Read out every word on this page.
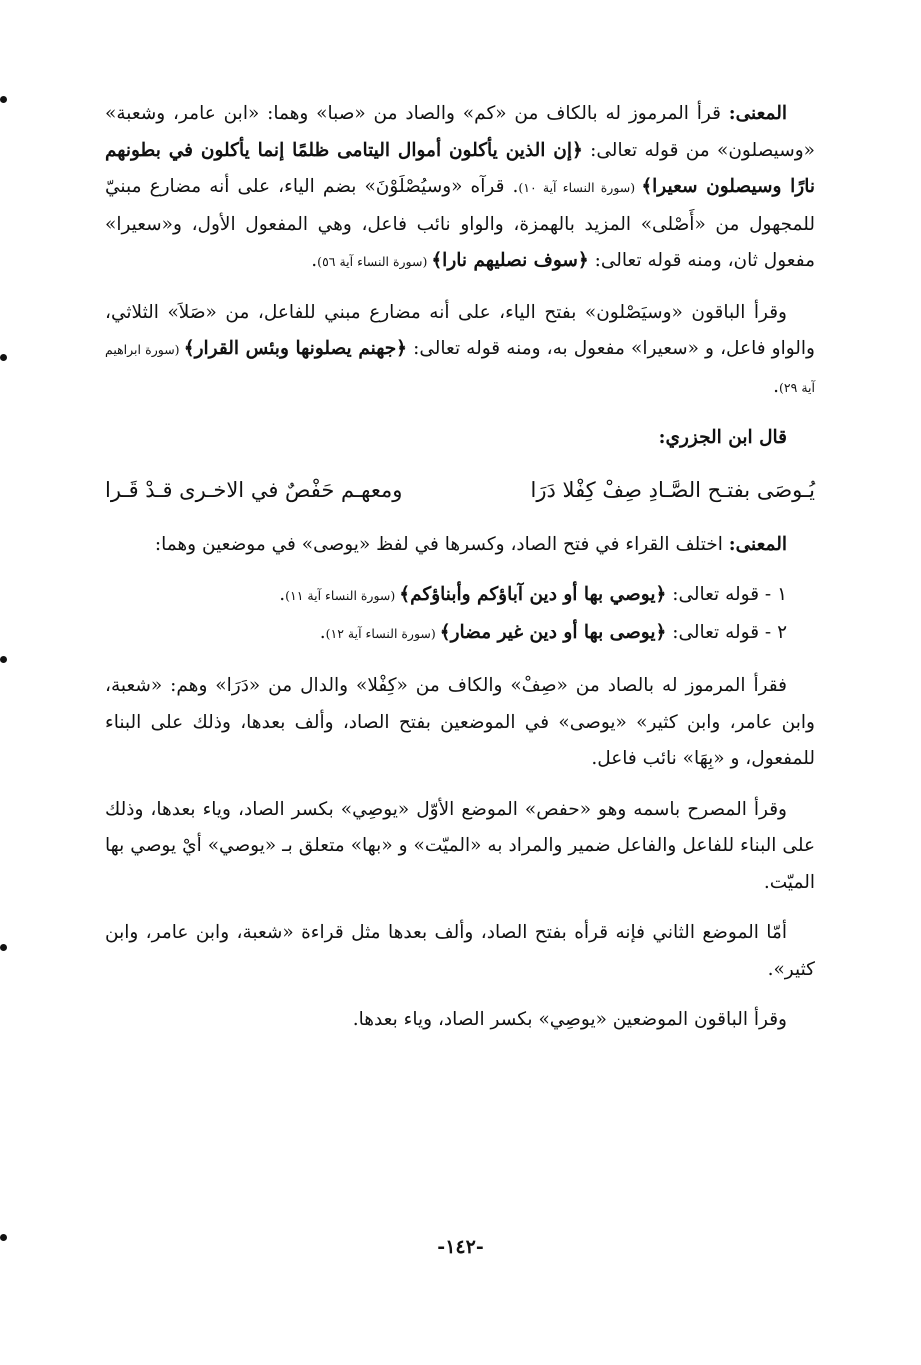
المعنى: قرأ المرموز له بالكاف من «كم» والصاد من «صبا» وهما: «ابن عامر، وشعبة» «وسيصلون» من قوله تعالى: ﴿إن الذين يأكلون أموال اليتامى ظلمًا إنما يأكلون في بطونهم نارًا وسيصلون سعيرا﴾ (سورة النساء آية ١٠). قرآه «وسيُصْلَوْنَ» بضم الياء، على أنه مضارع مبنيّ للمجهول من «أَصْلى» المزيد بالهمزة، والواو نائب فاعل، وهي المفعول الأول، و«سعيرا» مفعول ثان، ومنه قوله تعالى: ﴿سوف نصليهم نارا﴾ (سورة النساء آية ٥٦).

وقرأ الباقون «وسيَصْلون» بفتح الياء، على أنه مضارع مبني للفاعل، من «صَلاَ» الثلاثي، والواو فاعل، و «سعيرا» مفعول به، ومنه قوله تعالى: ﴿جهنم يصلونها وبئس القرار﴾ (سورة ابراهيم آية ٢٩).

قال ابن الجزري:
يُـوصَى بفتـح الصَّـادِ صِفْ كِفْلا دَرَا
ومعهـم حَفْصٌ في الاخـرى قـدْ قَـرا

المعنى: اختلف القراء في فتح الصاد، وكسرها في لفظ «يوصى» في موضعين وهما:

١ - قوله تعالى: ﴿يوصي بها أو دين آباؤكم وأبناؤكم﴾ (سورة النساء آية ١١).

٢ - قوله تعالى: ﴿يوصى بها أو دين غير مضار﴾ (سورة النساء آية ١٢).

فقرأ المرموز له بالصاد من «صِفْ» والكاف من «كِفْلا» والدال من «دَرَا» وهم: «شعبة، وابن عامر، وابن كثير» «يوصى» في الموضعين بفتح الصاد، وألف بعدها، وذلك على البناء للمفعول، و «بِهَا» نائب فاعل.

وقرأ المصرح باسمه وهو «حفص» الموضع الأوّل «يوصِي» بكسر الصاد، وياء بعدها، وذلك على البناء للفاعل والفاعل ضمير والمراد به «الميّت» و «بها» متعلق بـ «يوصي» أيْ يوصي بها الميّت.

أمّا الموضع الثاني فإنه قرأه بفتح الصاد، وألف بعدها مثل قراءة «شعبة، وابن عامر، وابن كثير».

وقرأ الباقون الموضعين «يوصِي» بكسر الصاد، وياء بعدها.

-١٤٢-
